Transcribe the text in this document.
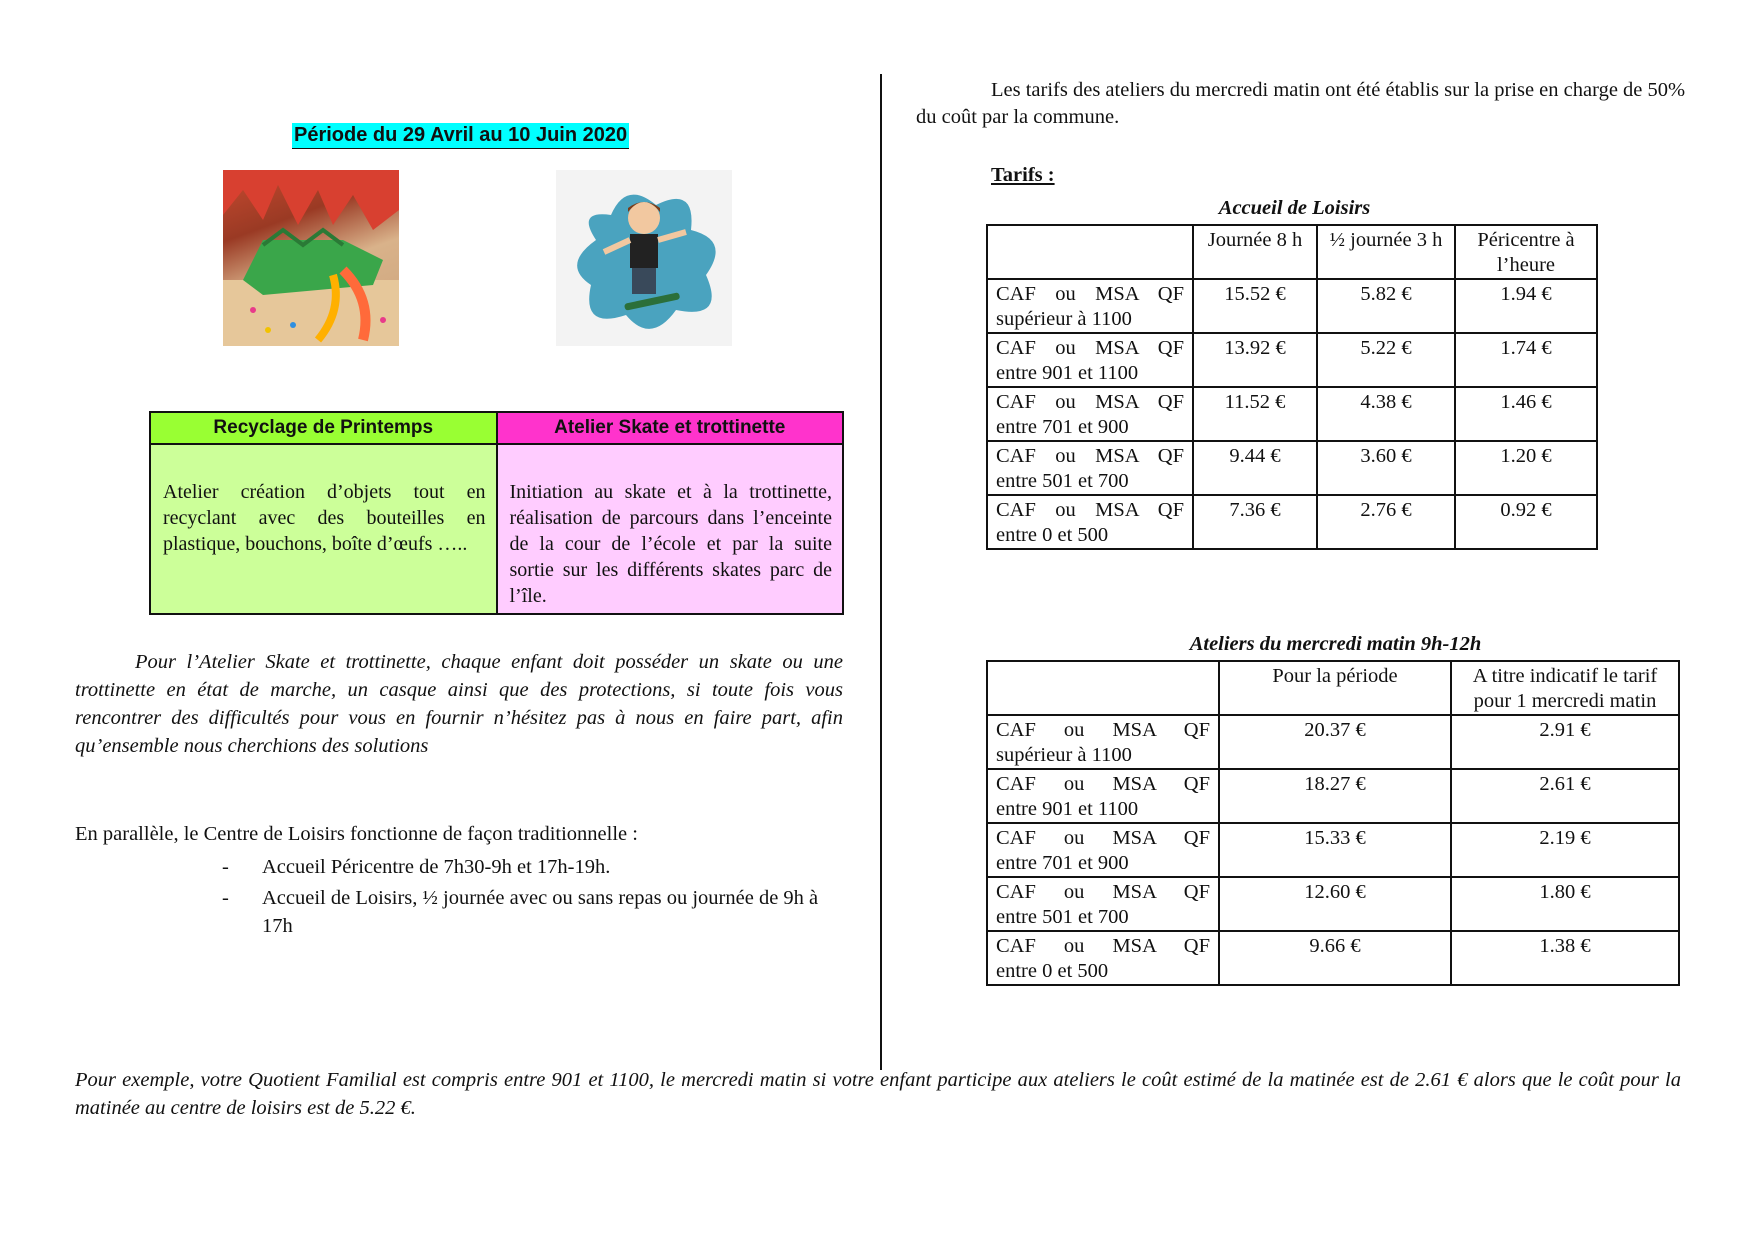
Période du 29 Avril au 10 Juin 2020
Recyclage de Printemps	Atelier Skate et trottinette
Atelier création d’objets tout en recyclant avec des bouteilles en plastique, bouchons, boîte d’œufs …..	Initiation au skate et à la trottinette, réalisation de parcours dans l’enceinte de la cour de l’école et par la suite sortie sur les différents skates parc de l’île.
Pour l’Atelier Skate et trottinette, chaque enfant doit posséder un skate ou une trottinette en état de marche, un casque ainsi que des protections, si toute fois vous rencontrer des difficultés pour vous en fournir n’hésitez pas à nous en faire part, afin qu’ensemble nous cherchions des solutions
En parallèle, le Centre de Loisirs fonctionne de façon traditionnelle :
- Accueil Péricentre de 7h30-9h et 17h-19h.
- Accueil de Loisirs, ½ journée avec ou sans repas ou journée de 9h à 17h
Les tarifs des ateliers du mercredi matin ont été établis sur la prise en charge de 50% du coût par la commune.
Tarifs :
Accueil de Loisirs
	Journée 8 h	½ journée 3 h	Péricentre à l’heure
CAF ou MSA QF
supérieur à 1100	15.52 €	5.82 €	1.94 €
CAF ou MSA QF
entre 901 et 1100	13.92 €	5.22 €	1.74 €
CAF ou MSA QF
entre 701 et 900	11.52 €	4.38 €	1.46 €
CAF ou MSA QF
entre 501 et 700	9.44 €	3.60 €	1.20 €
CAF ou MSA QF
entre 0 et 500	7.36 €	2.76 €	0.92 €
Ateliers du mercredi matin 9h-12h
	Pour la période	A titre indicatif le tarif pour 1 mercredi matin
CAF ou MSA QF
supérieur à 1100	20.37 €	2.91 €
CAF ou MSA QF
entre 901 et 1100	18.27 €	2.61 €
CAF ou MSA QF
entre 701 et 900	15.33 €	2.19 €
CAF ou MSA QF
entre 501 et 700	12.60 €	1.80 €
CAF ou MSA QF
entre 0 et 500	9.66 €	1.38 €
Pour exemple, votre Quotient Familial est compris entre 901 et 1100, le mercredi matin si votre enfant participe aux ateliers le coût estimé de la matinée est de 2.61 € alors que le coût pour la matinée au centre de loisirs est de 5.22 €.
